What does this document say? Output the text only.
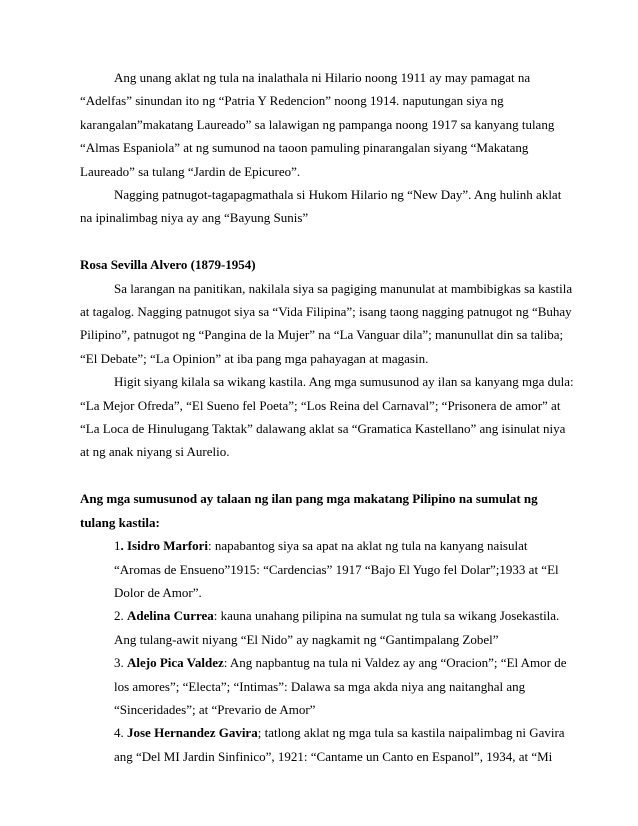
Ang unang aklat ng tula na inalathala ni Hilario noong 1911 ay may pamagat na “Adelfas” sinundan ito ng “Patria Y Redencion” noong 1914. naputungan siya ng karangalan”makatang Laureado” sa lalawigan ng pampanga noong 1917 sa kanyang tulang “Almas Espaniola” at ng sumunod na taoon pamuling pinarangalan siyang “Makatang Laureado” sa tulang “Jardin de Epicureo”.

Nagging patnugot-tagapagmathala si Hukom Hilario ng “New Day”. Ang hulinh aklat na ipinalimbag niya ay ang “Bayung Sunis”

Rosa Sevilla Alvero (1879-1954)

Sa larangan na panitikan, nakilala siya sa pagiging manunulat at mambibigkas sa kastila at tagalog. Nagging patnugot siya sa “Vida Filipina”; isang taong nagging patnugot ng “Buhay Pilipino”, patnugot ng “Pangina de la Mujer” na “La Vanguar dila”; manunullat din sa taliba; “El Debate”; “La Opinion” at iba pang mga pahayagan at magasin.

Higit siyang kilala sa wikang kastila. Ang mga sumusunod ay ilan sa kanyang mga dula: “La Mejor Ofreda”, “El Sueno fel Poeta”; “Los Reina del Carnaval”; “Prisonera de amor” at “La Loca de Hinulugang Taktak” dalawang aklat sa “Gramatica Kastellano” ang isinulat niya at ng anak niyang si Aurelio.

Ang mga sumusunod ay talaan ng ilan pang mga makatang Pilipino na sumulat ng tulang kastila:

1. Isidro Marfori: napabantog siya sa apat na aklat ng tula na kanyang naisulat “Aromas de Ensueno”1915: “Cardencias” 1917 “Bajo El Yugo fel Dolar”;1933 at “El Dolor de Amor”.

2. Adelina Currea: kauna unahang pilipina na sumulat ng tula sa wikang Josekastila. Ang tulang-awit niyang “El Nido” ay nagkamit ng “Gantimpalang Zobel”

3. Alejo Pica Valdez: Ang napbantug na tula ni Valdez ay ang “Oracion”; “El Amor de los amores”; “Electa”; “Intimas”: Dalawa sa mga akda niya ang naitanghal ang “Sinceridades”; at “Prevario de Amor”

4. Jose Hernandez Gavira; tatlong aklat ng mga tula sa kastila naipalimbag ni Gavira ang “Del MI Jardin Sinfinico”, 1921: “Cantame un Canto en Espanol”, 1934, at “Mi
